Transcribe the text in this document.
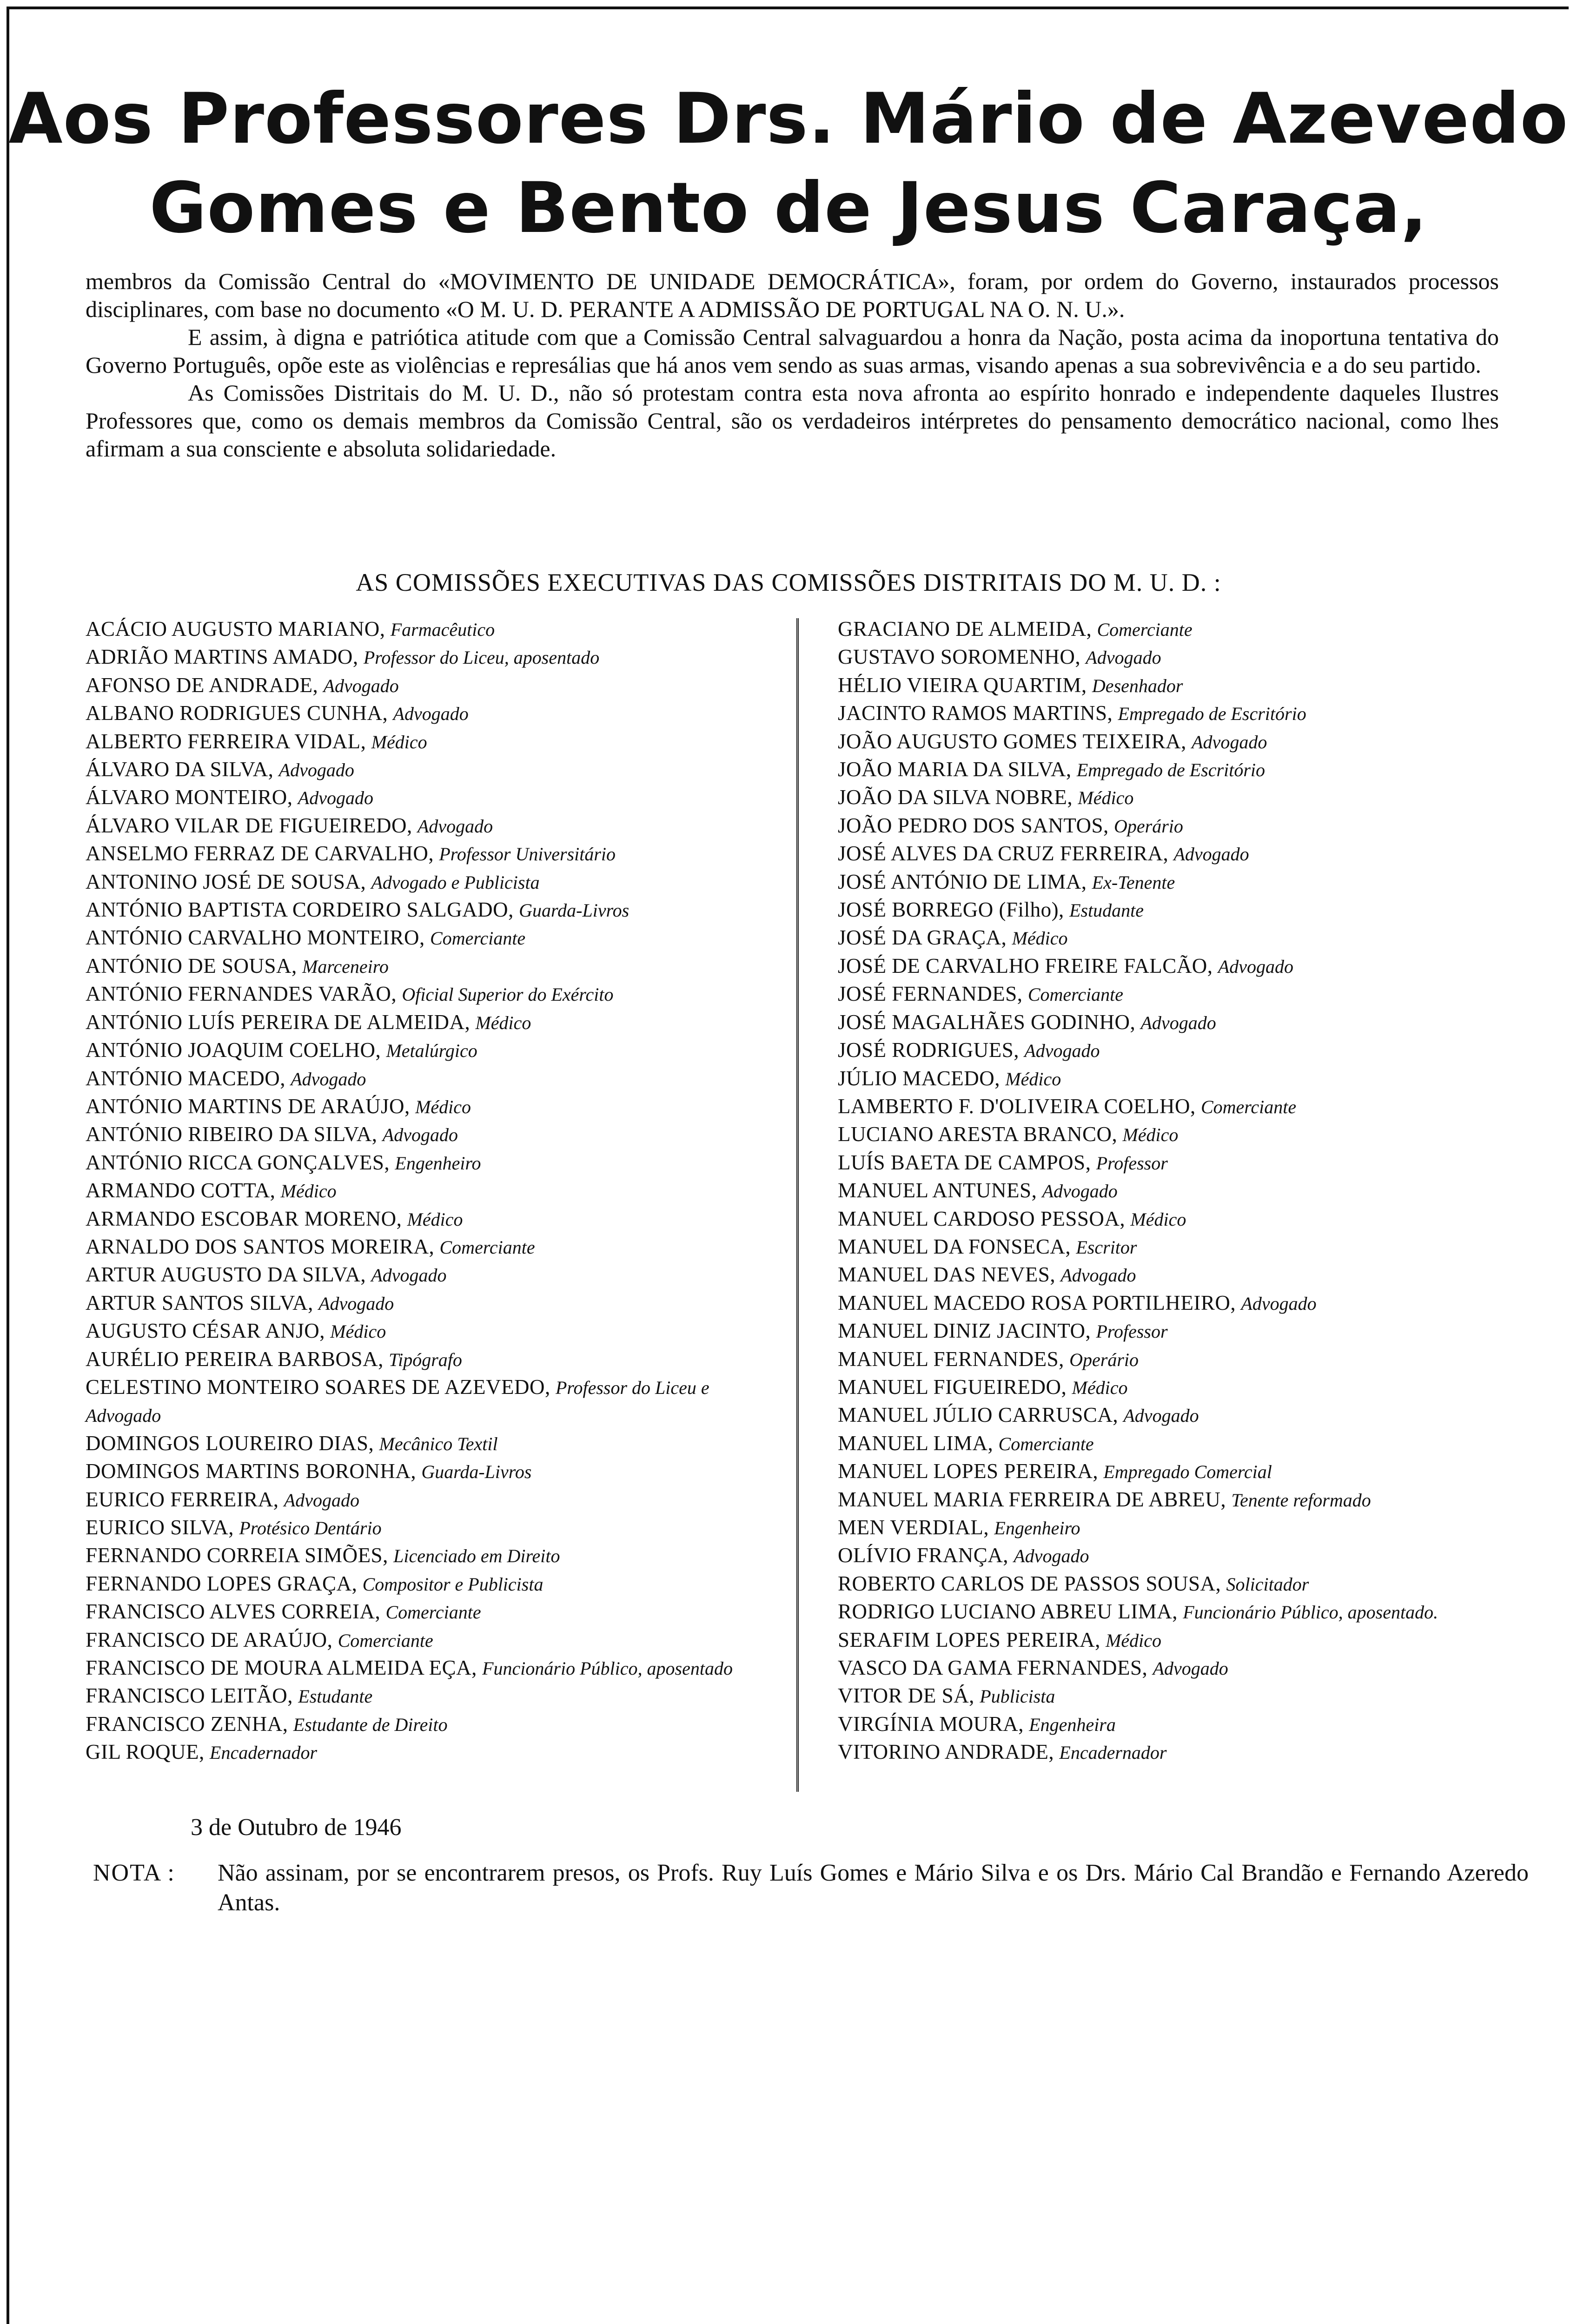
Aos Professores Drs. Mário de Azevedo
Gomes e Bento de Jesus Caraça,

membros da Comissão Central do «MOVIMENTO DE UNIDADE DEMOCRÁTICA», foram, por ordem do Governo, instaurados processos disciplinares, com base no documento «O M. U. D. PERANTE A ADMISSÃO DE PORTUGAL NA O. N. U.».

E assim, à digna e patriótica atitude com que a Comissão Central salvaguardou a honra da Nação, posta acima da inoportuna tentativa do Governo Português, opõe este as violências e represálias que há anos vem sendo as suas armas, visando apenas a sua sobrevivência e a do seu partido.

As Comissões Distritais do M. U. D., não só protestam contra esta nova afronta ao espírito honrado e independente daqueles Ilustres Professores que, como os demais membros da Comissão Central, são os verdadeiros intérpretes do pensamento democrático nacional, como lhes afirmam a sua consciente e absoluta solidariedade.

AS COMISSÕES EXECUTIVAS DAS COMISSÕES DISTRITAIS DO M. U. D. :
ACÁCIO AUGUSTO MARIANO, Farmacêutico
ADRIÃO MARTINS AMADO, Professor do Liceu, aposentado
AFONSO DE ANDRADE, Advogado
ALBANO RODRIGUES CUNHA, Advogado
ALBERTO FERREIRA VIDAL, Médico
ÁLVARO DA SILVA, Advogado
ÁLVARO MONTEIRO, Advogado
ÁLVARO VILAR DE FIGUEIREDO, Advogado
ANSELMO FERRAZ DE CARVALHO, Professor Universitário
ANTONINO JOSÉ DE SOUSA, Advogado e Publicista
ANTÓNIO BAPTISTA CORDEIRO SALGADO, Guarda-Livros
ANTÓNIO CARVALHO MONTEIRO, Comerciante
ANTÓNIO DE SOUSA, Marceneiro
ANTÓNIO FERNANDES VARÃO, Oficial Superior do Exército
ANTÓNIO LUÍS PEREIRA DE ALMEIDA, Médico
ANTÓNIO JOAQUIM COELHO, Metalúrgico
ANTÓNIO MACEDO, Advogado
ANTÓNIO MARTINS DE ARAÚJO, Médico
ANTÓNIO RIBEIRO DA SILVA, Advogado
ANTÓNIO RICCA GONÇALVES, Engenheiro
ARMANDO COTTA, Médico
ARMANDO ESCOBAR MORENO, Médico
ARNALDO DOS SANTOS MOREIRA, Comerciante
ARTUR AUGUSTO DA SILVA, Advogado
ARTUR SANTOS SILVA, Advogado
AUGUSTO CÉSAR ANJO, Médico
AURÉLIO PEREIRA BARBOSA, Tipógrafo
CELESTINO MONTEIRO SOARES DE AZEVEDO, Professor do Liceu e Advogado
DOMINGOS LOUREIRO DIAS, Mecânico Textil
DOMINGOS MARTINS BORONHA, Guarda-Livros
EURICO FERREIRA, Advogado
EURICO SILVA, Protésico Dentário
FERNANDO CORREIA SIMÕES, Licenciado em Direito
FERNANDO LOPES GRAÇA, Compositor e Publicista
FRANCISCO ALVES CORREIA, Comerciante
FRANCISCO DE ARAÚJO, Comerciante
FRANCISCO DE MOURA ALMEIDA EÇA, Funcionário Público, aposentado
FRANCISCO LEITÃO, Estudante
FRANCISCO ZENHA, Estudante de Direito
GIL ROQUE, Encadernador
GRACIANO DE ALMEIDA, Comerciante
GUSTAVO SOROMENHO, Advogado
HÉLIO VIEIRA QUARTIM, Desenhador
JACINTO RAMOS MARTINS, Empregado de Escritório
JOÃO AUGUSTO GOMES TEIXEIRA, Advogado
JOÃO MARIA DA SILVA, Empregado de Escritório
JOÃO DA SILVA NOBRE, Médico
JOÃO PEDRO DOS SANTOS, Operário
JOSÉ ALVES DA CRUZ FERREIRA, Advogado
JOSÉ ANTÓNIO DE LIMA, Ex-Tenente
JOSÉ BORREGO (Filho), Estudante
JOSÉ DA GRAÇA, Médico
JOSÉ DE CARVALHO FREIRE FALCÃO, Advogado
JOSÉ FERNANDES, Comerciante
JOSÉ MAGALHÃES GODINHO, Advogado
JOSÉ RODRIGUES, Advogado
JÚLIO MACEDO, Médico
LAMBERTO F. D'OLIVEIRA COELHO, Comerciante
LUCIANO ARESTA BRANCO, Médico
LUÍS BAETA DE CAMPOS, Professor
MANUEL ANTUNES, Advogado
MANUEL CARDOSO PESSOA, Médico
MANUEL DA FONSECA, Escritor
MANUEL DAS NEVES, Advogado
MANUEL MACEDO ROSA PORTILHEIRO, Advogado
MANUEL DINIZ JACINTO, Professor
MANUEL FERNANDES, Operário
MANUEL FIGUEIREDO, Médico
MANUEL JÚLIO CARRUSCA, Advogado
MANUEL LIMA, Comerciante
MANUEL LOPES PEREIRA, Empregado Comercial
MANUEL MARIA FERREIRA DE ABREU, Tenente reformado
MEN VERDIAL, Engenheiro
OLÍVIO FRANÇA, Advogado
ROBERTO CARLOS DE PASSOS SOUSA, Solicitador
RODRIGO LUCIANO ABREU LIMA, Funcionário Público, aposentado.
SERAFIM LOPES PEREIRA, Médico
VASCO DA GAMA FERNANDES, Advogado
VITOR DE SÁ, Publicista
VIRGÍNIA MOURA, Engenheira
VITORINO ANDRADE, Encadernador
3 de Outubro de 1946
NOTA : Não assinam, por se encontrarem presos, os Profs. Ruy Luís Gomes e Mário Silva e os Drs. Mário Cal Brandão e Fernando Azeredo Antas.
